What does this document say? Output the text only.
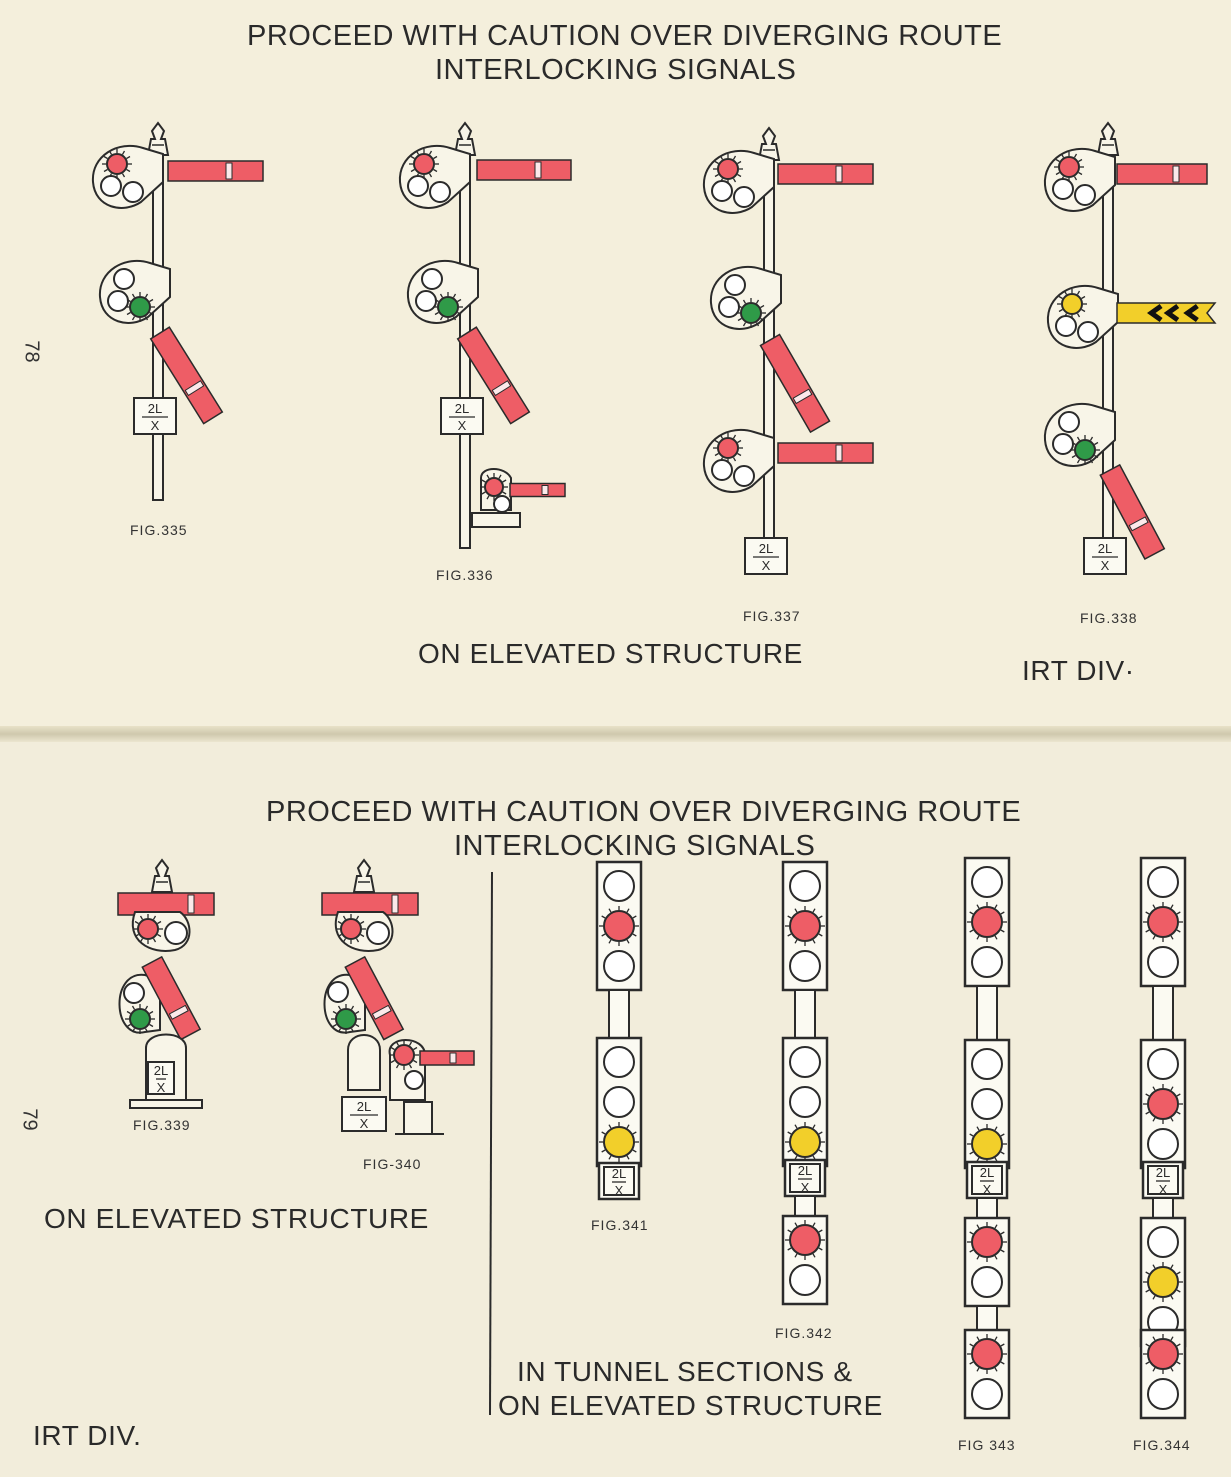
2L
X
2L
X
2L
X
2L
X
2L
X
2L
X
2L
X
2L
X
2L
X
2L
X
PROCEED WITH CAUTION OVER DIVERGING ROUTE
INTERLOCKING SIGNALS
78
FIG.335
FIG.336
FIG.337	FIG.338
ON ELEVATED STRUCTURE
IRT DIV·
PROCEED WITH CAUTION OVER DIVERGING ROUTE
INTERLOCKING SIGNALS
79	FIG.339
FIG-340
FIG.341
FIG.342
FIG 343	FIG.344
ON ELEVATED STRUCTURE
IN TUNNEL SECTIONS &
ON ELEVATED STRUCTURE
IRT DIV.
